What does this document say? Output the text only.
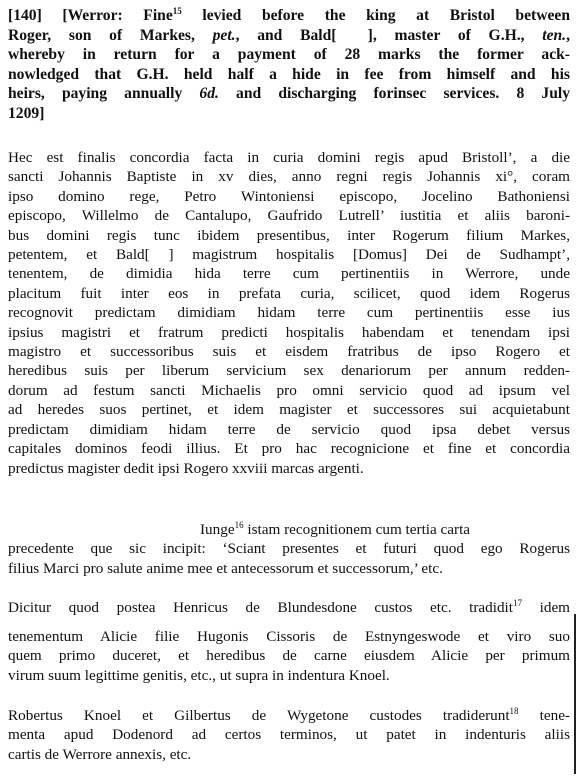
[140] [Werror: Fine$^{15}$ levied before the king at Bristol between
Roger, son of Markes, pet., and Bald[   ], master of G.H., ten.,
whereby in return for a payment of 28 marks the former ack-
nowledged that G.H. held half a hide in fee from himself and his
heirs, paying annually 6d. and discharging forinsec services. 8 July
1209]

Hec est finalis concordia facta in curia domini regis apud Bristoll’, a die
sancti Johannis Baptiste in xv dies, anno regni regis Johannis xi°, coram
ipso domino rege, Petro Wintoniensi episcopo, Jocelino Bathoniensi
episcopo, Willelmo de Cantalupo, Gaufrido Lutrell’ iustitia et aliis baroni-
bus domini regis tunc ibidem presentibus, inter Rogerum filium Markes,
petentem, et Bald[ ] magistrum hospitalis [Domus] Dei de Sudhampt’,
tenentem, de dimidia hida terre cum pertinentiis in Werrore, unde
placitum fuit inter eos in prefata curia, scilicet, quod idem Rogerus
recognovit predictam dimidiam hidam terre cum pertinentiis esse ius
ipsius magistri et fratrum predicti hospitalis habendam et tenendam ipsi
magistro et successoribus suis et eisdem fratribus de ipso Rogero et
heredibus suis per liberum servicium sex denariorum per annum redden-
dorum ad festum sancti Michaelis pro omni servicio quod ad ipsum vel
ad heredes suos pertinet, et idem magister et successores sui acquietabunt
predictam dimidiam hidam terre de servicio quod ipsa debet versus
capitales dominos feodi illius. Et pro hac recognicione et fine et concordia
predictus magister dedit ipsi Rogero xxviii marcas argenti.

Iunge$^{16}$ istam recognitionem cum tertia carta
precedente que sic incipit: ‘Sciant presentes et futuri quod ego Rogerus
filius Marci pro salute anime mee et antecessorum et successorum,’ etc.

Dicitur quod postea Henricus de Blundesdone custos etc. tradidit$^{17}$ idem

tenementum Alicie filie Hugonis Cissoris de Estnyngeswode et viro suo
quem primo duceret, et heredibus de carne eiusdem Alicie per primum
virum suum legittime genitis, etc., ut supra in indentura Knoel.

Robertus Knoel et Gilbertus de Wygetone custodes tradiderunt$^{18}$ tene-
menta apud Dodenord ad certos terminos, ut patet in indenturis aliis
cartis de Werrore annexis, etc.
